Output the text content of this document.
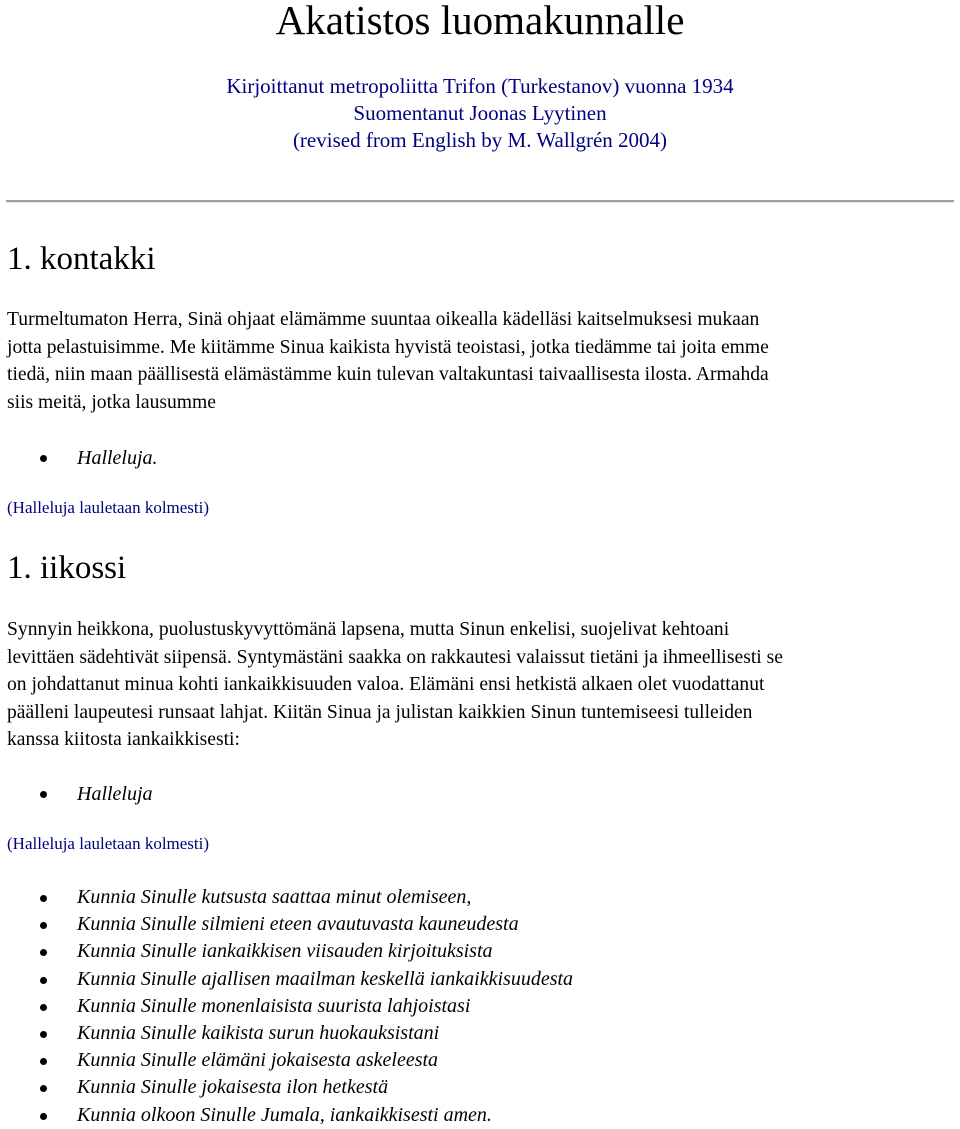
Akatistos luomakunnalle
Kirjoittanut metropoliitta Trifon (Turkestanov) vuonna 1934
Suomentanut Joonas Lyytinen
(revised from English by M. Wallgrén 2004)
1. kontakki
Turmeltumaton Herra, Sinä ohjaat elämämme suuntaa oikealla kädelläsi kaitselmuksesi mukaan
jotta pelastuisimme. Me kiitämme Sinua kaikista hyvistä teoistasi, jotka tiedämme tai joita emme
tiedä, niin maan päällisestä elämästämme kuin tulevan valtakuntasi taivaallisesta ilosta. Armahda
siis meitä, jotka lausumme
Halleluja.
(Halleluja lauletaan kolmesti)
1. iikossi
Synnyin heikkona, puolustuskyvyttömänä lapsena, mutta Sinun enkelisi, suojelivat kehtoani
levittäen sädehtivät siipensä. Syntymästäni saakka on rakkautesi valaissut tietäni ja ihmeellisesti se
on johdattanut minua kohti iankaikkisuuden valoa. Elämäni ensi hetkistä alkaen olet vuodattanut
päälleni laupeutesi runsaat lahjat. Kiitän Sinua ja julistan kaikkien Sinun tuntemiseesi tulleiden
kanssa kiitosta iankaikkisesti:
Halleluja
(Halleluja lauletaan kolmesti)
Kunnia Sinulle kutsusta saattaa minut olemiseen,
Kunnia Sinulle silmieni eteen avautuvasta kauneudesta
Kunnia Sinulle iankaikkisen viisauden kirjoituksista
Kunnia Sinulle ajallisen maailman keskellä iankaikkisuudesta
Kunnia Sinulle monenlaisista suurista lahjoistasi
Kunnia Sinulle kaikista surun huokauksistani
Kunnia Sinulle elämäni jokaisesta askeleesta
Kunnia Sinulle jokaisesta ilon hetkestä
Kunnia olkoon Sinulle Jumala, iankaikkisesti amen.
